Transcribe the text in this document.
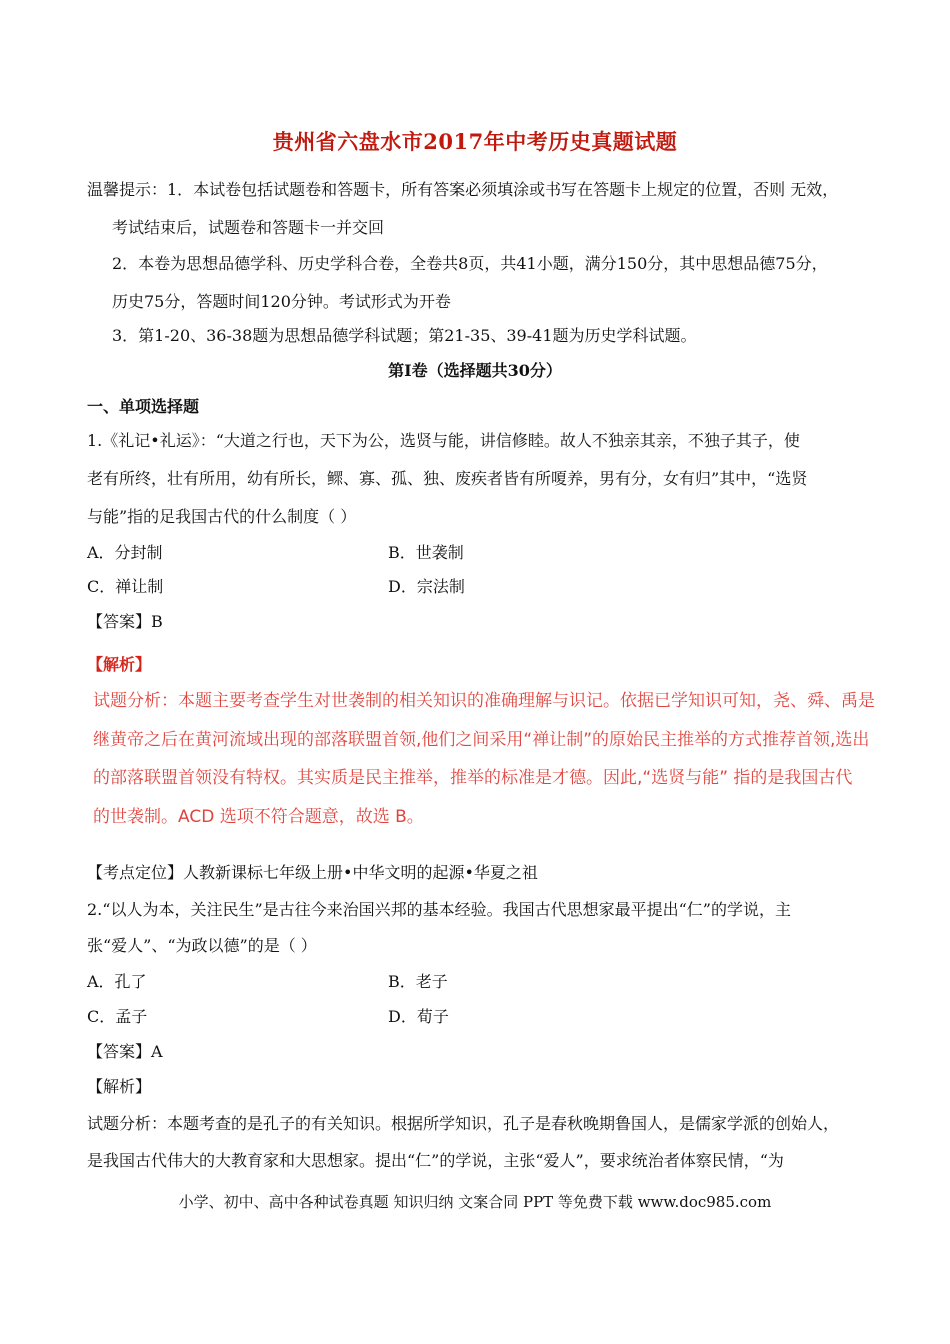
贵州省六盘水市2017年中考历史真题试题
温馨提示：1．本试卷包括试题卷和答题卡，所有答案必须填涂或书写在答题卡上规定的位置，否则 无效，
考试结束后，试题卷和答题卡一并交回
2．本卷为思想品德学科、历史学科合卷，全卷共8页，共41小题，满分150分，其中思想品德75分，
历史75分，答题时间120分钟。考试形式为开卷
3．第1-20、36-38题为思想品德学科试题；第21-35、39-41题为历史学科试题。
第I卷（选择题共30分）
一、单项选择题
1.《礼记•礼运》：“大道之行也，天下为公，选贤与能，讲信修睦。故人不独亲其亲，不独子其子，使
老有所终，壮有所用，幼有所长，鳏、寡、孤、独、废疾者皆有所嗄养，男有分，女有归”其中，“选贤
与能”指的足我国古代的什么制度（ ）
A．分封制	B．世袭制
C．禅让制	D．宗法制
【答案】B
【解析】
试题分析：本题主要考查学生对世袭制的相关知识的准确理解与识记。依据已学知识可知，尧、舜、禹是
继黄帝之后在黄河流域出现的部落联盟首领,他们之间采用“禅让制”的原始民主推举的方式推荐首领,选出
的部落联盟首领没有特权。其实质是民主推举，推举的标准是才德。因此,“选贤与能” 指的是我国古代
的世袭制。ACD 选项不符合题意，故选 B。
【考点定位】人教新课标七年级上册•中华文明的起源•华夏之祖
2.“以人为本，关注民生”是古往今来治国兴邦的基本经验。我国古代思想家最平提出“仁”的学说，主
张“爱人”、“为政以德”的是（ ）
A．孔了	B．老子
C．孟子	D．荀子
【答案】A
【解析】
试题分析：本题考查的是孔子的有关知识。根据所学知识，孔子是春秋晚期鲁国人，是儒家学派的创始人，
是我国古代伟大的大教育家和大思想家。提出“仁”的学说，主张“爱人”，要求统治者体察民情，“为
小学、初中、高中各种试卷真题 知识归纳 文案合同 PPT 等免费下载 www.doc985.com
